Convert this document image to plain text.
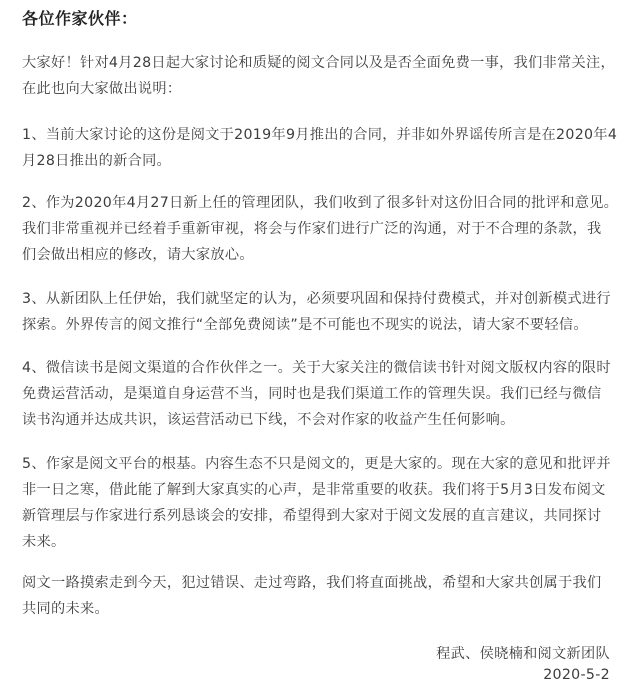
各位作家伙伴：
大家好！针对4月28日起大家讨论和质疑的阅文合同以及是否全面免费一事，我们非常关注，
在此也向大家做出说明：
1、当前大家讨论的这份是阅文于2019年9月推出的合同，并非如外界谣传所言是在2020年4
月28日推出的新合同。
2、作为2020年4月27日新上任的管理团队，我们收到了很多针对这份旧合同的批评和意见。
我们非常重视并已经着手重新审视，将会与作家们进行广泛的沟通，对于不合理的条款，我
们会做出相应的修改，请大家放心。
3、从新团队上任伊始，我们就坚定的认为，必须要巩固和保持付费模式，并对创新模式进行
探索。外界传言的阅文推行“全部免费阅读”是不可能也不现实的说法，请大家不要轻信。
4、微信读书是阅文渠道的合作伙伴之一。关于大家关注的微信读书针对阅文版权内容的限时
免费运营活动，是渠道自身运营不当，同时也是我们渠道工作的管理失误。我们已经与微信
读书沟通并达成共识，该运营活动已下线，不会对作家的收益产生任何影响。
5、作家是阅文平台的根基。内容生态不只是阅文的，更是大家的。现在大家的意见和批评并
非一日之寒，借此能了解到大家真实的心声，是非常重要的收获。我们将于5月3日发布阅文
新管理层与作家进行系列恳谈会的安排，希望得到大家对于阅文发展的直言建议，共同探讨
未来。
阅文一路摸索走到今天，犯过错误、走过弯路，我们将直面挑战，希望和大家共创属于我们
共同的未来。
程武、侯晓楠和阅文新团队
2020-5-2
